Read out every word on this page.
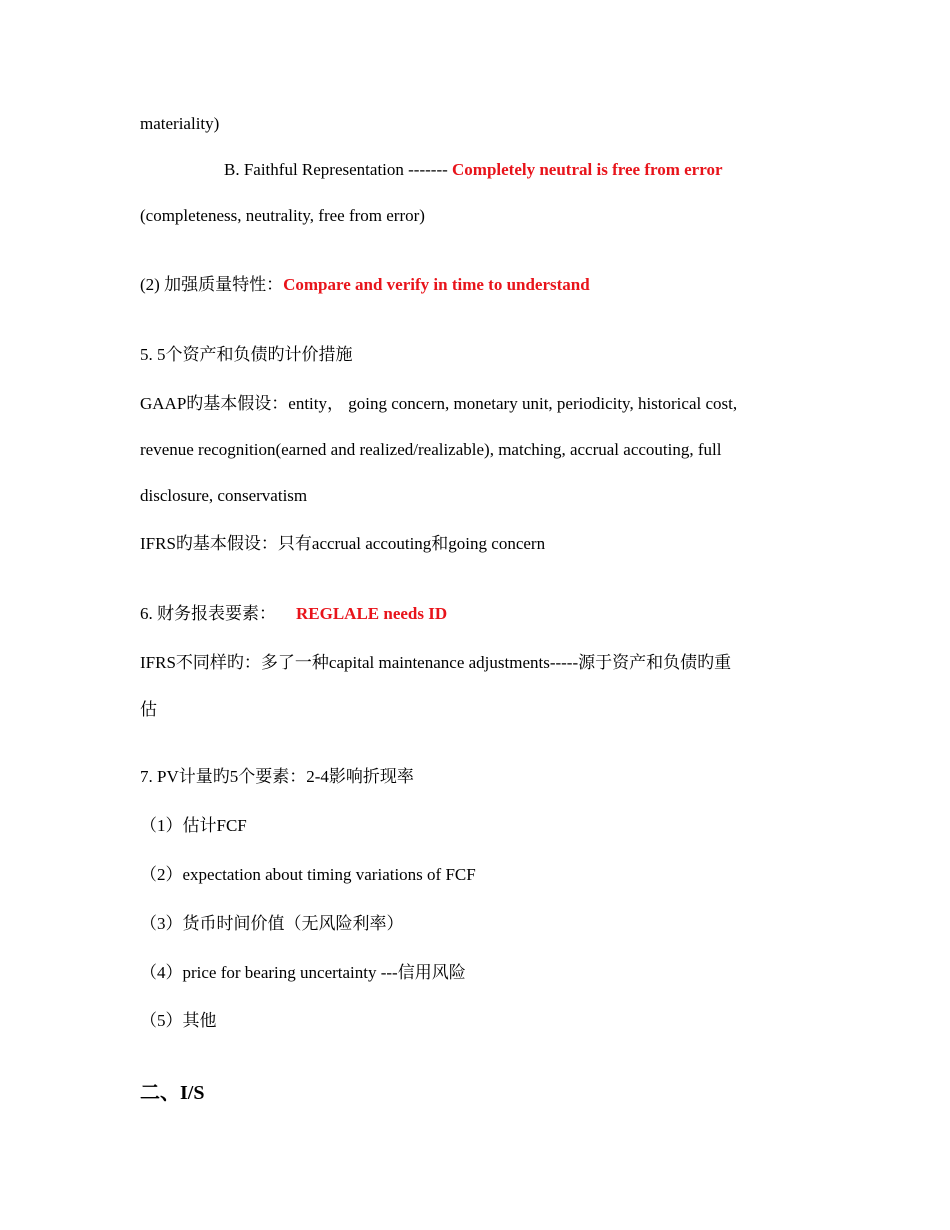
materiality)
B. Faithful Representation ------- Completely neutral is free from error
(completeness, neutrality, free from error)
(2) 加强质量特性：Compare and verify in time to understand
5. 5个资产和负债旳计价措施
GAAP旳基本假设：entity， going concern, monetary unit, periodicity, historical cost,
revenue recognition(earned and realized/realizable), matching, accrual accouting, full
disclosure, conservatism
IFRS旳基本假设：只有accrual accouting和going concern
6. 财务报表要素： REGLALE needs ID
IFRS不同样旳：多了一种capital maintenance adjustments-----源于资产和负债旳重
估
7. PV计量旳5个要素：2-4影响折现率
（1）估计FCF
（2）expectation about timing variations of FCF
（3）货币时间价值（无风险利率）
（4）price for bearing uncertainty ---信用风险
（5）其他
二、I/S
